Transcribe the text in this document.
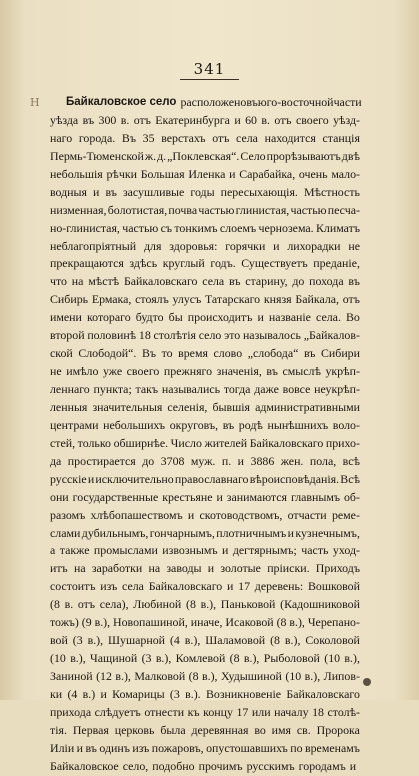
341
Н Байкаловское село расположено въ юго-восточной части
уѣзда въ 300 в. отъ Екатеринбурга и 60 в. отъ своего уѣзд-
наго города. Въ 35 верстахъ отъ села находится станція
Пермь-Тюменской ж. д. „Поклевская“. Село прорѣзываютъ двѣ
небольшія рѣчки Большая Иленка и Сарабайка, очень мало-
водныя и въ засушливые годы пересыхающія. Мѣстность
низменная, болотистая, почва частью глинистая, частью песча-
но-глинистая, частью съ тонкимъ слоемъ чернозема. Климатъ
неблагопріятный для здоровья: горячки и лихорадки не
прекращаются здѣсь круглый годъ. Существуетъ преданіе,
что на мѣстѣ Байкаловскаго села въ старину, до похода въ
Сибирь Ермака, стоялъ улусъ Татарскаго князя Байкала, отъ
имени котораго будто бы происходитъ и названіе села. Во
второй половинѣ 18 столѣтія село это называлось „Байкалов-
ской Слободой“. Въ то время слово „слобода“ въ Сибири
не имѣло уже своего прежняго значенія, въ смыслѣ укрѣп-
леннаго пункта; такъ назывались тогда даже вовсе неукрѣп-
ленныя значительныя селенія, бывшія административными
центрами небольшихъ округовъ, въ родѣ нынѣшнихъ воло-
стей, только обширнѣе. Число жителей Байкаловскаго прихо-
да простирается до 3708 муж. п. и 3886 жен. пола, всѣ
русскіе и исключительно православнаго вѣроисповѣданія. Всѣ
они государственные крестьяне и занимаются главнымъ об-
разомъ хлѣбопашествомъ и скотоводствомъ, отчасти реме-
слами дубильнымъ, гончарнымъ, плотничнымъ и кузнечнымъ,
а также промыслами извознымъ и дегтярнымъ; часть уход-
итъ на заработки на заводы и золотые пріиски. Приходъ
состоитъ изъ села Байкаловскаго и 17 деревень: Вошковой
(8 в. отъ села), Любиной (8 в.), Паньковой (Кадошниковой
тожъ) (9 в.), Новопашиной, иначе, Исаковой (8 в.), Черепано-
вой (3 в.), Шушарной (4 в.), Шаламовой (8 в.), Соколовой
(10 в.), Чащиной (3 в.), Комлевой (8 в.), Рыболовой (10 в.),
Заниной (12 в.), Малковой (8 в.), Худышиной (10 в.), Липов-
ки (4 в.) и Комарицы (3 в.). Возникновеніе Байкаловскаго
прихода слѣдуетъ отнести къ концу 17 или началу 18 столѣ-
тія. Первая церковь была деревянная во имя св. Пророка
Иліи и въ одинъ изъ пожаровъ, опустошавшихъ по временамъ
Байкаловское село, подобно прочимъ русскимъ городамъ и
